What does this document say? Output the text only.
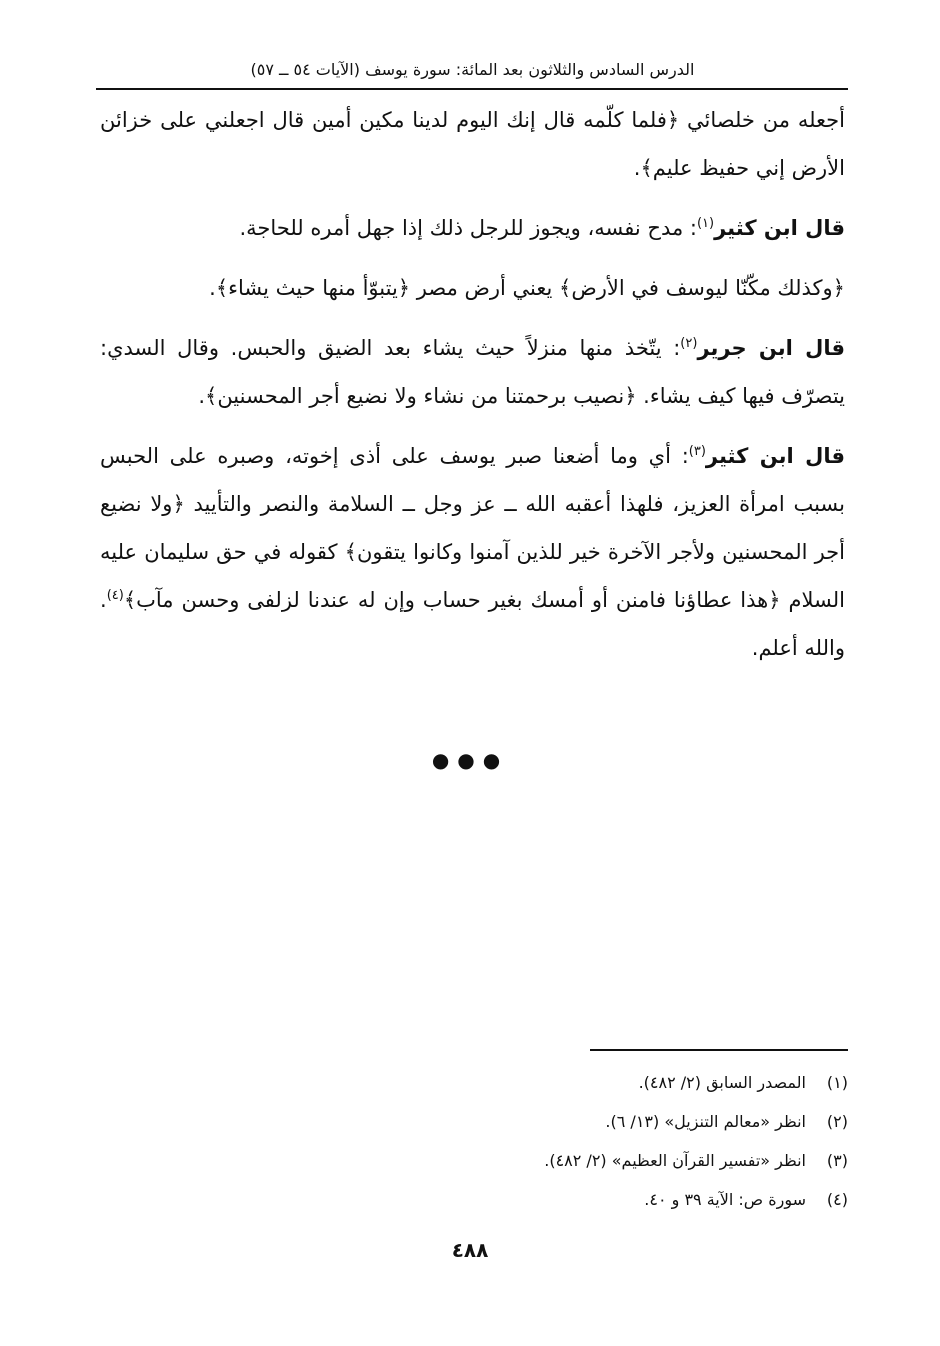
الدرس السادس والثلاثون بعد المائة: سورة يوسف (الآيات ٥٤ ــ ٥٧)

أجعله من خلصائي ﴿فلما كلّمه قال إنك اليوم لدينا مكين أمين قال اجعلني على خزائن الأرض إني حفيظ عليم﴾.

قال ابن كثير$^{(١)}$: مدح نفسه، ويجوز للرجل ذلك إذا جهل أمره للحاجة.

﴿وكذلك مكّنّا ليوسف في الأرض﴾ يعني أرض مصر ﴿يتبوّأ منها حيث يشاء﴾.

قال ابن جرير$^{(٢)}$: يتّخذ منها منزلاً حيث يشاء بعد الضيق والحبس. وقال السدي: يتصرّف فيها كيف يشاء. ﴿نصيب برحمتنا من نشاء ولا نضيع أجر المحسنين﴾.

قال ابن كثير$^{(٣)}$: أي وما أضعنا صبر يوسف على أذى إخوته، وصبره على الحبس بسبب امرأة العزيز، فلهذا أعقبه الله ــ عز وجل ــ السلامة والنصر والتأييد ﴿ولا نضيع أجر المحسنين ولأجر الآخرة خير للذين آمنوا وكانوا يتقون﴾ كقوله في حق سليمان عليه السلام ﴿هذا عطاؤنا فامنن أو أمسك بغير حساب وإن له عندنا لزلفى وحسن مآب﴾$^{(٤)}$. والله أعلم.

●●●
(١)المصدر السابق (٢/ ٤٨٢).
(٢)انظر «معالم التنزيل» (١٣/ ٦).
(٣)انظر «تفسير القرآن العظيم» (٢/ ٤٨٢).
(٤)سورة ص: الآية ٣٩ و ٤٠.
٤٨٨
